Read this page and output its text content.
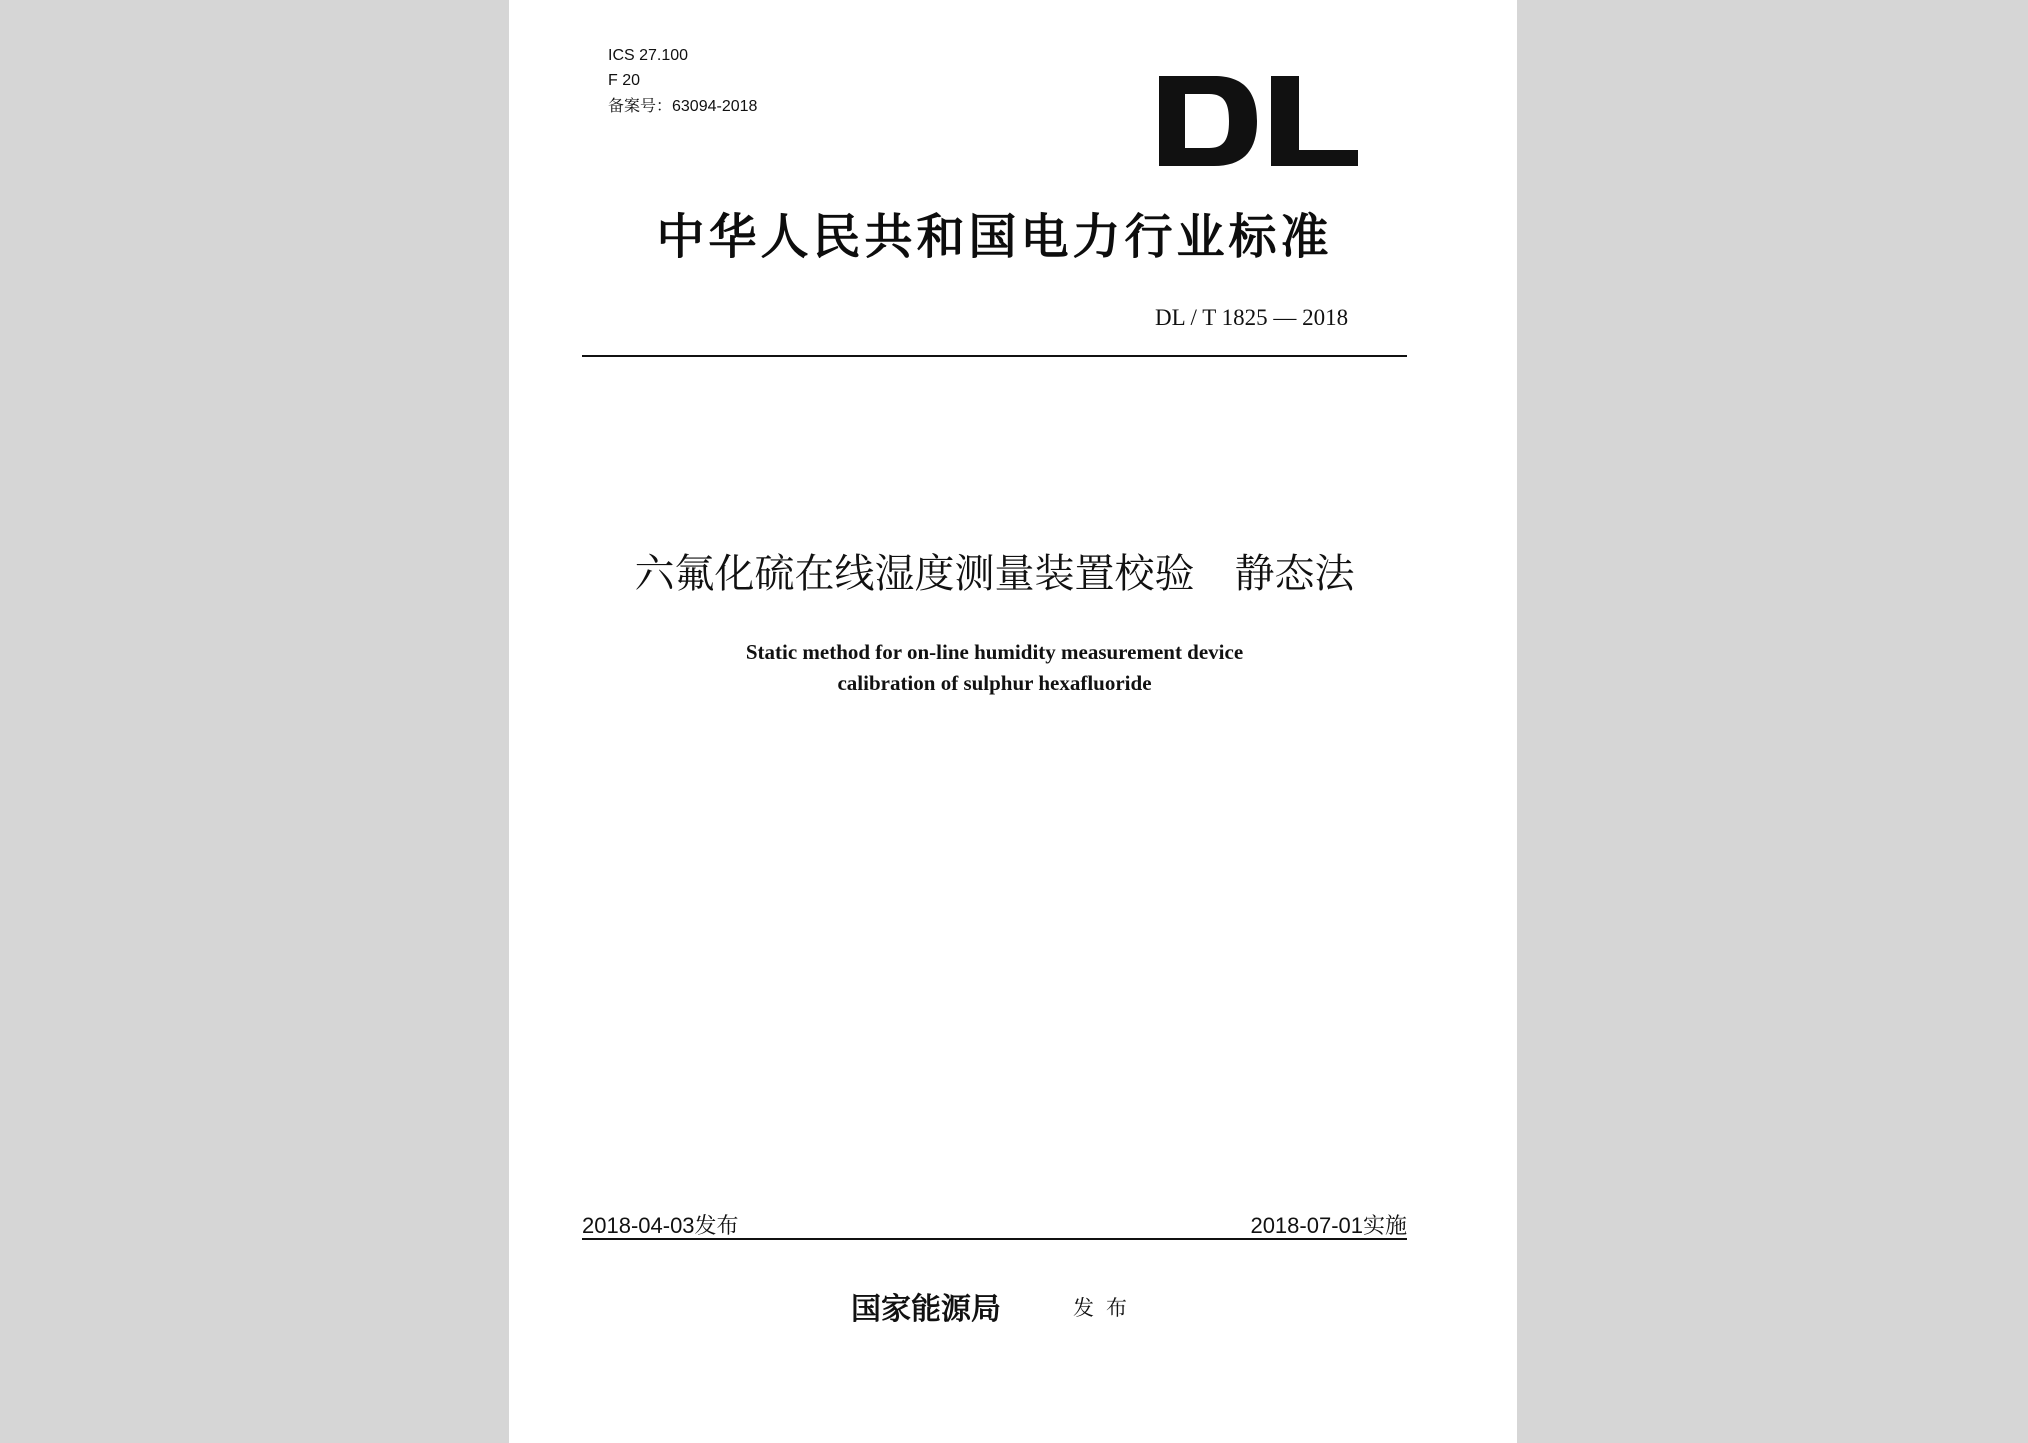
ICS 27.100
F 20
备案号：63094-2018
中华人民共和国电力行业标准
DL / T 1825 — 2018
六氟化硫在线湿度测量装置校验　静态法
Static method for on-line humidity measurement device
calibration of sulphur hexafluoride
2018-04-03发布	2018-07-01实施
国家能源局	发布
